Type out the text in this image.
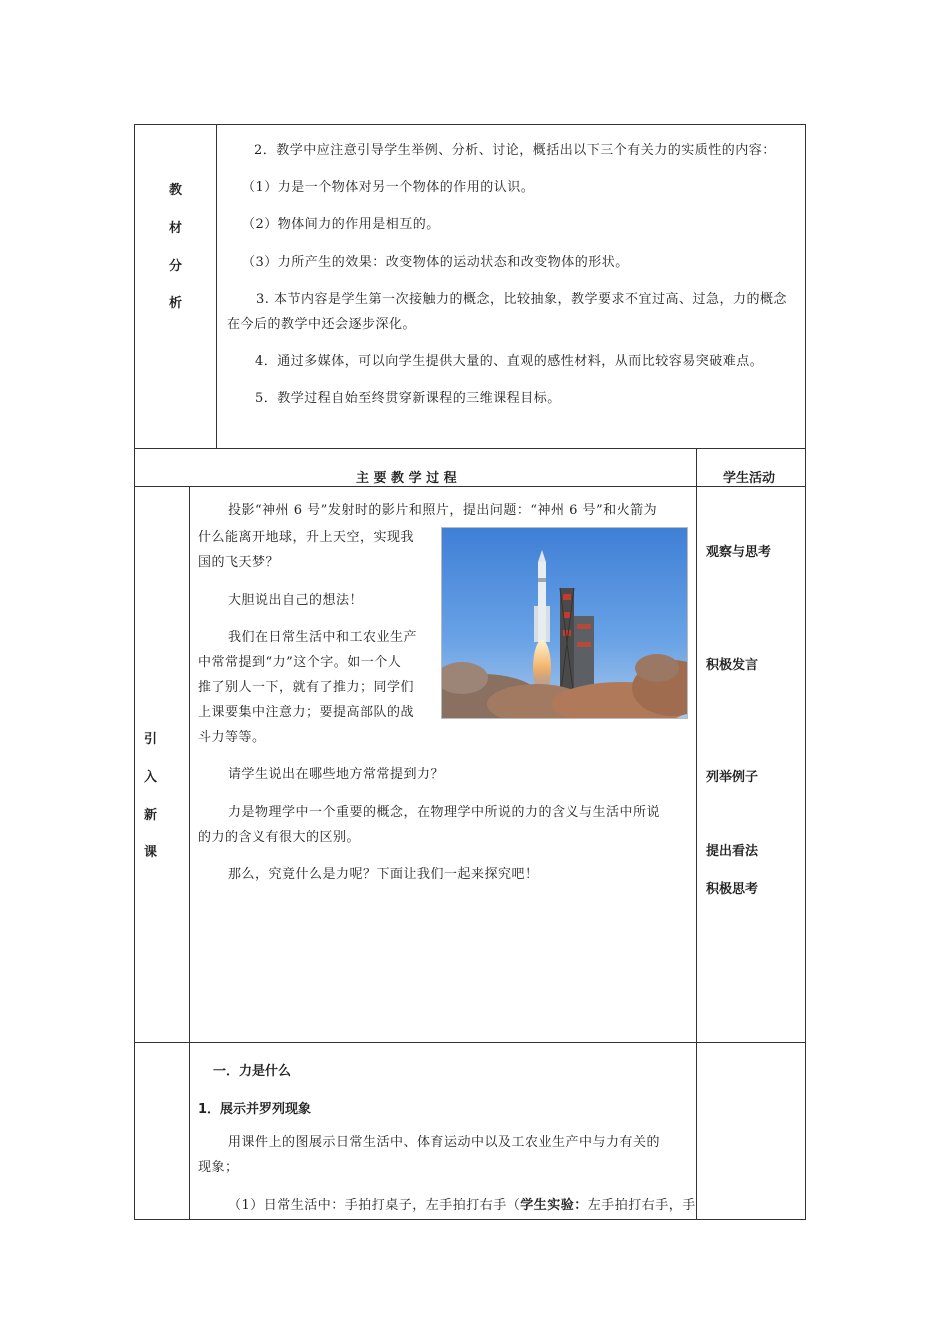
教
材
分
析
2．教学中应注意引导学生举例、分析、讨论，概括出以下三个有关力的实质性的内容：
（1）力是一个物体对另一个物体的作用的认识。
（2）物体间力的作用是相互的。
（3）力所产生的效果：改变物体的运动状态和改变物体的形状。
3. 本节内容是学生第一次接触力的概念，比较抽象，教学要求不宜过高、过急，力的概念
在今后的教学中还会逐步深化。
4．通过多媒体，可以向学生提供大量的、直观的感性材料，从而比较容易突破难点。
5．教学过程自始至终贯穿新课程的三维课程目标。
主 要 教 学 过 程	学生活动
引
入
新
课
投影“神州 6 号”发射时的影片和照片，提出问题：“神州 6 号”和火箭为
什么能离开地球，升上天空，实现我
国的飞天梦？
大胆说出自己的想法！
我们在日常生活中和工农业生产
中常常提到“力”这个字。如一个人
推了别人一下，就有了推力；同学们
上课要集中注意力；要提高部队的战
斗力等等。
请学生说出在哪些地方常常提到力？
力是物理学中一个重要的概念，在物理学中所说的力的含义与生活中所说
的力的含义有很大的区别。
那么，究竟什么是力呢？下面让我们一起来探究吧！
观察与思考
积极发言
列举例子
提出看法
积极思考
一．力是什么
1．展示并罗列现象
用课件上的图展示日常生活中、体育运动中以及工农业生产中与力有关的
现象；
（1）日常生活中：手拍打桌子，左手拍打右手（学生实验：左手拍打右手，手
